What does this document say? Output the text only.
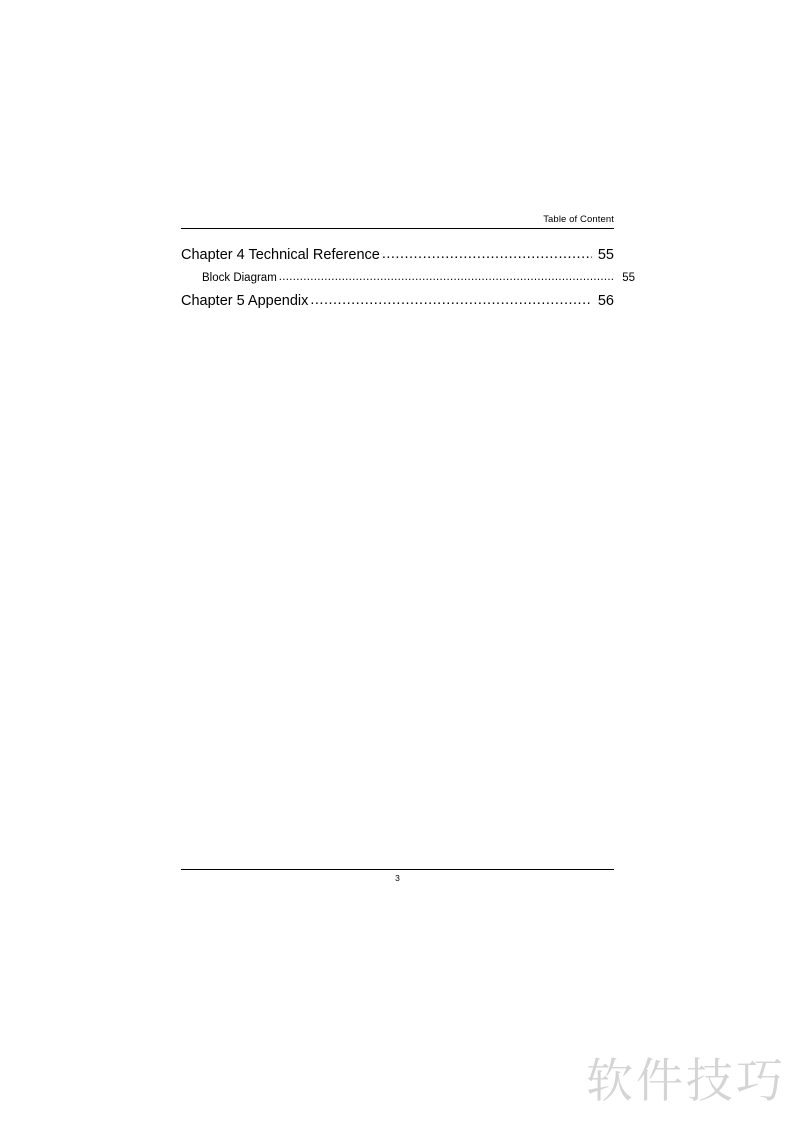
Table of Content
Chapter 4 Technical Reference .....	55
Block Diagram .....	55
Chapter 5 Appendix .....	56
3
软件技巧
